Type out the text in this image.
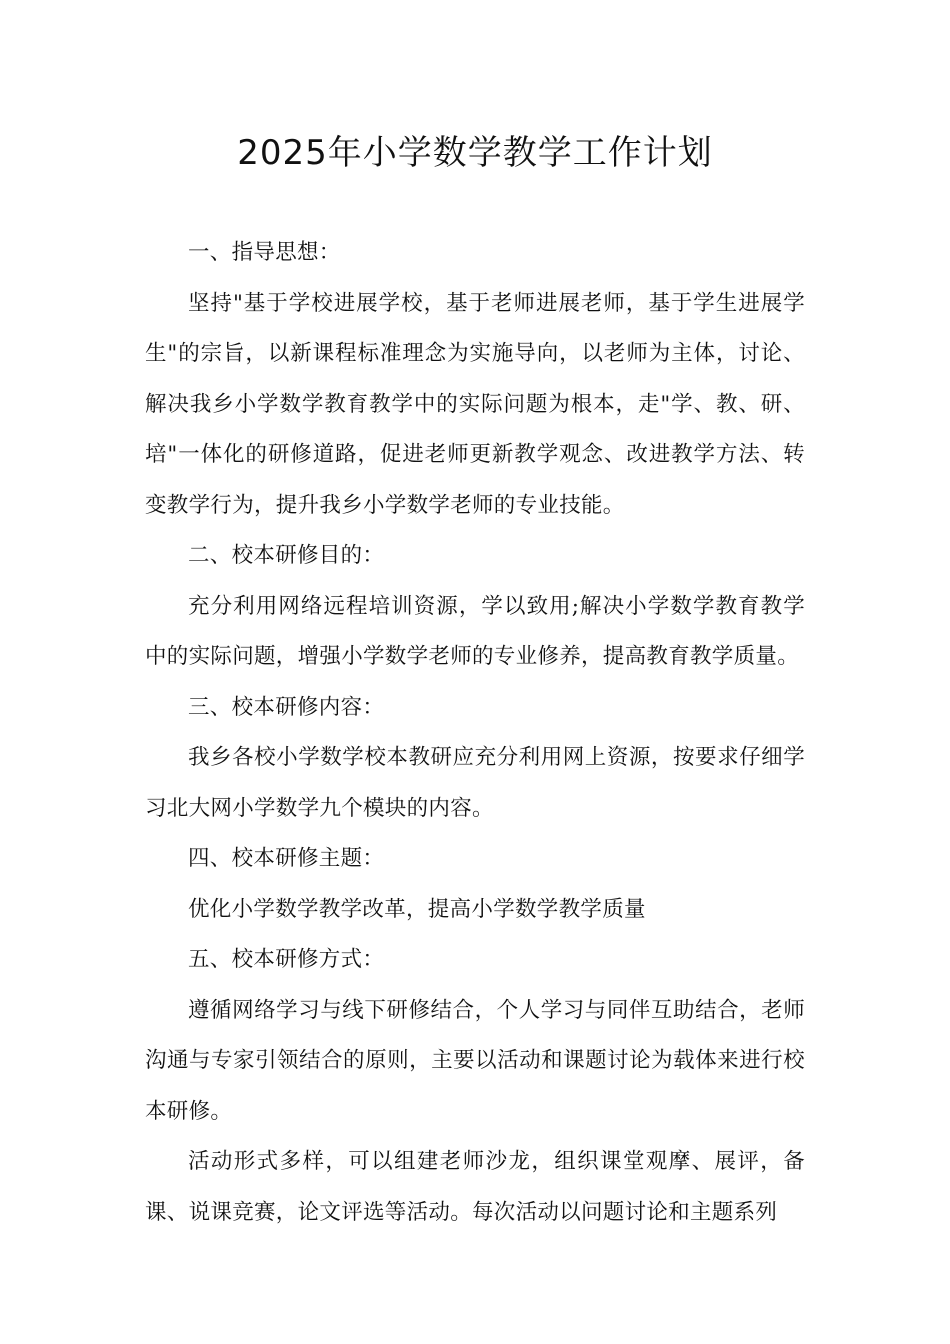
2025年小学数学教学工作计划

一、指导思想：

坚持"基于学校进展学校，基于老师进展老师，基于学生进展学生"的宗旨，以新课程标准理念为实施导向，以老师为主体，讨论、解决我乡小学数学教育教学中的实际问题为根本，走"学、教、研、培"一体化的研修道路，促进老师更新教学观念、改进教学方法、转变教学行为，提升我乡小学数学老师的专业技能。

二、校本研修目的：

充分利用网络远程培训资源，学以致用;解决小学数学教育教学中的实际问题，增强小学数学老师的专业修养，提高教育教学质量。

三、校本研修内容：

我乡各校小学数学校本教研应充分利用网上资源，按要求仔细学习北大网小学数学九个模块的内容。

四、校本研修主题：

优化小学数学教学改革，提高小学数学教学质量

五、校本研修方式：

遵循网络学习与线下研修结合，个人学习与同伴互助结合，老师沟通与专家引领结合的原则，主要以活动和课题讨论为载体来进行校本研修。

活动形式多样，可以组建老师沙龙，组织课堂观摩、展评，备课、说课竞赛，论文评选等活动。每次活动以问题讨论和主题系列
